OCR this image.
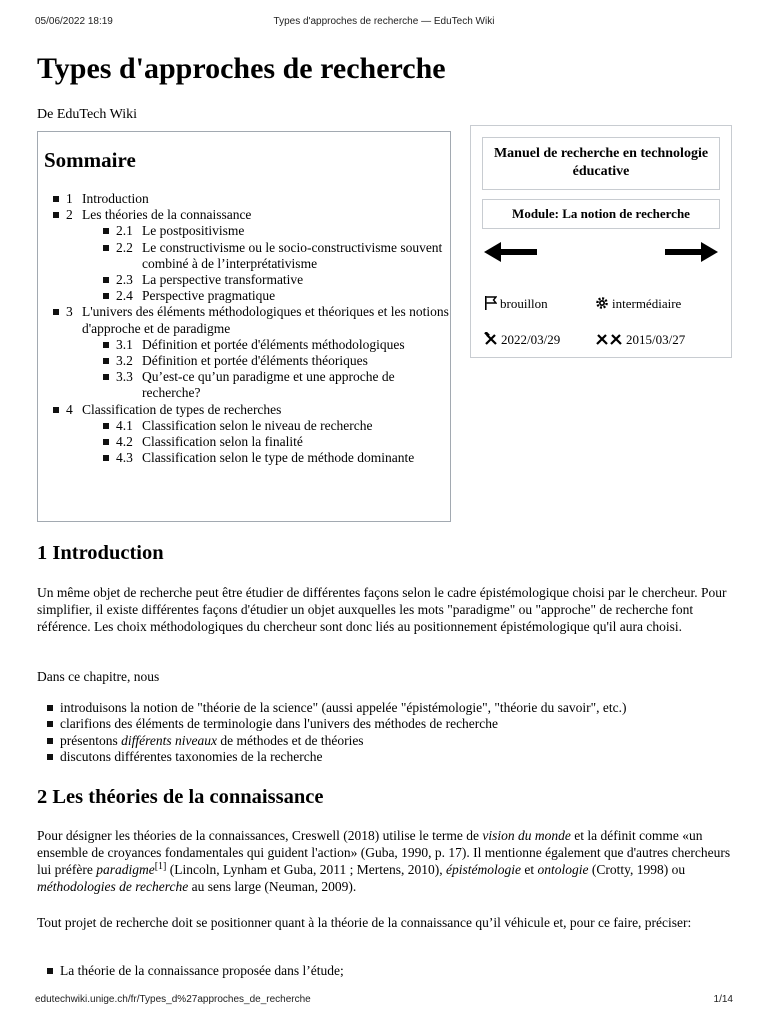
05/06/2022 18:19	Types d'approches de recherche — EduTech Wiki
Types d'approches de recherche
De EduTech Wiki
Sommaire
1 Introduction
2 Les théories de la connaissance
2.1 Le postpositivisme
2.2 Le constructivisme ou le socio-constructivisme souvent combiné à de l’interprétativisme
2.3 La perspective transformative
2.4 Perspective pragmatique
3 L'univers des éléments méthodologiques et théoriques et les notions d'approche et de paradigme
3.1 Définition et portée d'éléments méthodologiques
3.2 Définition et portée d'éléments théoriques
3.3 Qu’est-ce qu’un paradigme et une approche de recherche?
4 Classification de types de recherches
4.1 Classification selon le niveau de recherche
4.2 Classification selon la finalité
4.3 Classification selon le type de méthode dominante
Manuel de recherche en technologie éducative
Module: La notion de recherche
brouillon	intermédiaire
2022/03/29	2015/03/27
1 Introduction
Un même objet de recherche peut être étudier de différentes façons selon le cadre épistémologique choisi par le chercheur. Pour simplifier, il existe différentes façons d'étudier un objet auxquelles les mots "paradigme" ou "approche" de recherche font référence. Les choix méthodologiques du chercheur sont donc liés au positionnement épistémologique qu'il aura choisi.
Dans ce chapitre, nous
introduisons la notion de "théorie de la science" (aussi appelée "épistémologie", "théorie du savoir", etc.)
clarifions des éléments de terminologie dans l'univers des méthodes de recherche
présentons différents niveaux de méthodes et de théories
discutons différentes taxonomies de la recherche
2 Les théories de la connaissance
Pour désigner les théories de la connaissances, Creswell (2018) utilise le terme de vision du monde et la définit comme «un ensemble de croyances fondamentales qui guident l'action» (Guba, 1990, p. 17). Il mentionne également que d'autres chercheurs lui préfère paradigme[1] (Lincoln, Lynham et Guba, 2011 ; Mertens, 2010), épistémologie et ontologie (Crotty, 1998) ou méthodologies de recherche au sens large (Neuman, 2009).
Tout projet de recherche doit se positionner quant à la théorie de la connaissance qu’il véhicule et, pour ce faire, préciser:
La théorie de la connaissance proposée dans l’étude;
edutechwiki.unige.ch/fr/Types_d%27approches_de_recherche	1/14
